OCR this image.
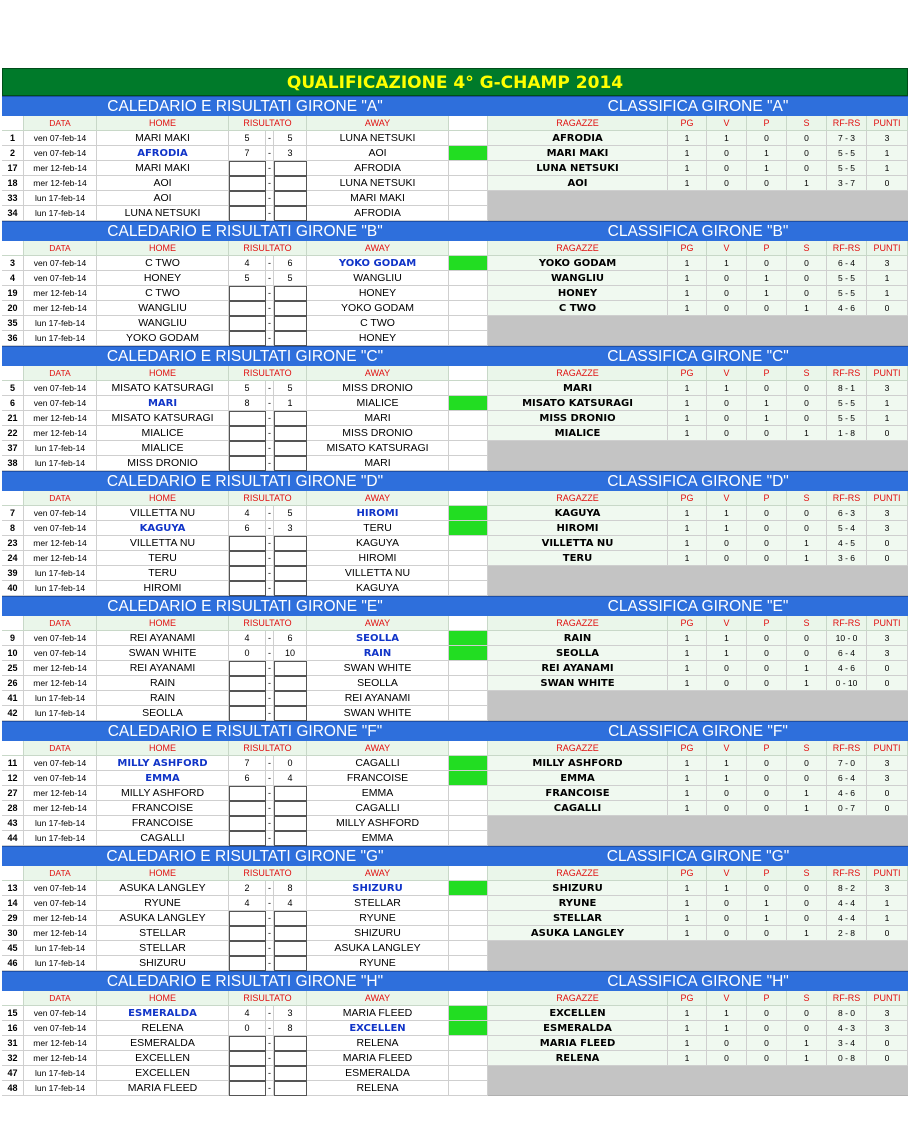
QUALIFICAZIONE 4° G-CHAMP 2014
CALEDARIO E RISULTATI GIRONE "A"
DATA	HOME	RISULTATO	AWAY
1	ven 07-feb-14	MARI MAKI	5	-	5	LUNA NETSUKI
2	ven 07-feb-14	AFRODIA	7	-	3	AOI
17	mer 12-feb-14	MARI MAKI	-	AFRODIA
18	mer 12-feb-14	AOI	-	LUNA NETSUKI
33	lun 17-feb-14	AOI	-	MARI MAKI
34	lun 17-feb-14	LUNA NETSUKI	-	AFRODIA
CLASSIFICA GIRONE "A"
RAGAZZE	PG	V	P	S	RF-RS	PUNTI
AFRODIA	1	1	0	0	7 - 3	3
MARI MAKI	1	0	1	0	5 - 5	1
LUNA NETSUKI	1	0	1	0	5 - 5	1
AOI	1	0	0	1	3 - 7	0
CALEDARIO E RISULTATI GIRONE "B"
DATA	HOME	RISULTATO	AWAY
3	ven 07-feb-14	C TWO	4	-	6	YOKO GODAM
4	ven 07-feb-14	HONEY	5	-	5	WANGLIU
19	mer 12-feb-14	C TWO	-	HONEY
20	mer 12-feb-14	WANGLIU	-	YOKO GODAM
35	lun 17-feb-14	WANGLIU	-	C TWO
36	lun 17-feb-14	YOKO GODAM	-	HONEY
CLASSIFICA GIRONE "B"
RAGAZZE	PG	V	P	S	RF-RS	PUNTI
YOKO GODAM	1	1	0	0	6 - 4	3
WANGLIU	1	0	1	0	5 - 5	1
HONEY	1	0	1	0	5 - 5	1
C TWO	1	0	0	1	4 - 6	0
CALEDARIO E RISULTATI GIRONE "C"
DATA	HOME	RISULTATO	AWAY
5	ven 07-feb-14	MISATO KATSURAGI	5	-	5	MISS DRONIO
6	ven 07-feb-14	MARI	8	-	1	MIALICE
21	mer 12-feb-14	MISATO KATSURAGI	-	MARI
22	mer 12-feb-14	MIALICE	-	MISS DRONIO
37	lun 17-feb-14	MIALICE	-	MISATO KATSURAGI
38	lun 17-feb-14	MISS DRONIO	-	MARI
CLASSIFICA GIRONE "C"
RAGAZZE	PG	V	P	S	RF-RS	PUNTI
MARI	1	1	0	0	8 - 1	3
MISATO KATSURAGI	1	0	1	0	5 - 5	1
MISS DRONIO	1	0	1	0	5 - 5	1
MIALICE	1	0	0	1	1 - 8	0
CALEDARIO E RISULTATI GIRONE "D"
DATA	HOME	RISULTATO	AWAY
7	ven 07-feb-14	VILLETTA NU	4	-	5	HIROMI
8	ven 07-feb-14	KAGUYA	6	-	3	TERU
23	mer 12-feb-14	VILLETTA NU	-	KAGUYA
24	mer 12-feb-14	TERU	-	HIROMI
39	lun 17-feb-14	TERU	-	VILLETTA NU
40	lun 17-feb-14	HIROMI	-	KAGUYA
CLASSIFICA GIRONE "D"
RAGAZZE	PG	V	P	S	RF-RS	PUNTI
KAGUYA	1	1	0	0	6 - 3	3
HIROMI	1	1	0	0	5 - 4	3
VILLETTA NU	1	0	0	1	4 - 5	0
TERU	1	0	0	1	3 - 6	0
CALEDARIO E RISULTATI GIRONE "E"
DATA	HOME	RISULTATO	AWAY
9	ven 07-feb-14	REI AYANAMI	4	-	6	SEOLLA
10	ven 07-feb-14	SWAN WHITE	0	-	10	RAIN
25	mer 12-feb-14	REI AYANAMI	-	SWAN WHITE
26	mer 12-feb-14	RAIN	-	SEOLLA
41	lun 17-feb-14	RAIN	-	REI AYANAMI
42	lun 17-feb-14	SEOLLA	-	SWAN WHITE
CLASSIFICA GIRONE "E"
RAGAZZE	PG	V	P	S	RF-RS	PUNTI
RAIN	1	1	0	0	10 - 0	3
SEOLLA	1	1	0	0	6 - 4	3
REI AYANAMI	1	0	0	1	4 - 6	0
SWAN WHITE	1	0	0	1	0 - 10	0
CALEDARIO E RISULTATI GIRONE "F"
DATA	HOME	RISULTATO	AWAY
11	ven 07-feb-14	MILLY ASHFORD	7	-	0	CAGALLI
12	ven 07-feb-14	EMMA	6	-	4	FRANCOISE
27	mer 12-feb-14	MILLY ASHFORD	-	EMMA
28	mer 12-feb-14	FRANCOISE	-	CAGALLI
43	lun 17-feb-14	FRANCOISE	-	MILLY ASHFORD
44	lun 17-feb-14	CAGALLI	-	EMMA
CLASSIFICA GIRONE "F"
RAGAZZE	PG	V	P	S	RF-RS	PUNTI
MILLY ASHFORD	1	1	0	0	7 - 0	3
EMMA	1	1	0	0	6 - 4	3
FRANCOISE	1	0	0	1	4 - 6	0
CAGALLI	1	0	0	1	0 - 7	0
CALEDARIO E RISULTATI GIRONE "G"
DATA	HOME	RISULTATO	AWAY
13	ven 07-feb-14	ASUKA LANGLEY	2	-	8	SHIZURU
14	ven 07-feb-14	RYUNE	4	-	4	STELLAR
29	mer 12-feb-14	ASUKA LANGLEY	-	RYUNE
30	mer 12-feb-14	STELLAR	-	SHIZURU
45	lun 17-feb-14	STELLAR	-	ASUKA LANGLEY
46	lun 17-feb-14	SHIZURU	-	RYUNE
CLASSIFICA GIRONE "G"
RAGAZZE	PG	V	P	S	RF-RS	PUNTI
SHIZURU	1	1	0	0	8 - 2	3
RYUNE	1	0	1	0	4 - 4	1
STELLAR	1	0	1	0	4 - 4	1
ASUKA LANGLEY	1	0	0	1	2 - 8	0
CALEDARIO E RISULTATI GIRONE "H"
DATA	HOME	RISULTATO	AWAY
15	ven 07-feb-14	ESMERALDA	4	-	3	MARIA FLEED
16	ven 07-feb-14	RELENA	0	-	8	EXCELLEN
31	mer 12-feb-14	ESMERALDA	-	RELENA
32	mer 12-feb-14	EXCELLEN	-	MARIA FLEED
47	lun 17-feb-14	EXCELLEN	-	ESMERALDA
48	lun 17-feb-14	MARIA FLEED	-	RELENA
CLASSIFICA GIRONE "H"
RAGAZZE	PG	V	P	S	RF-RS	PUNTI
EXCELLEN	1	1	0	0	8 - 0	3
ESMERALDA	1	1	0	0	4 - 3	3
MARIA FLEED	1	0	0	1	3 - 4	0
RELENA	1	0	0	1	0 - 8	0
